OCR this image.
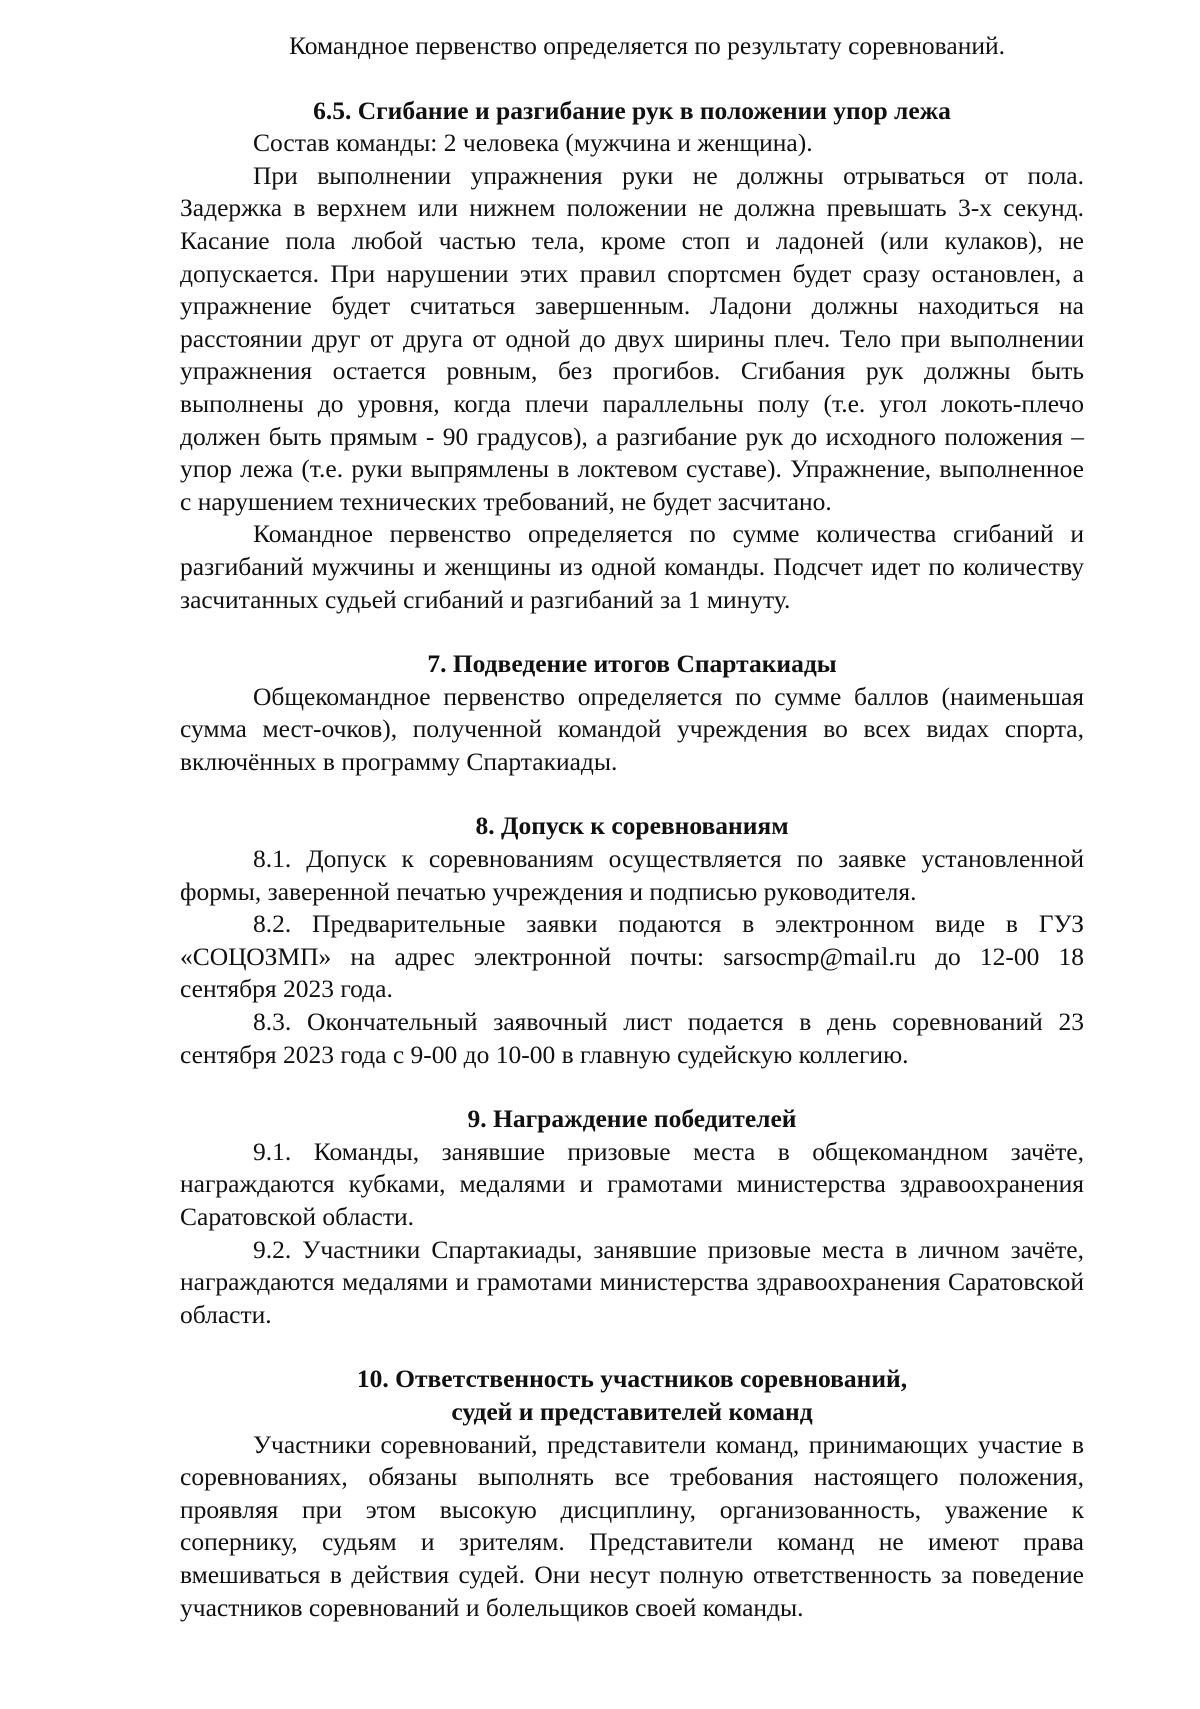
Командное первенство определяется по результату соревнований.

6.5. Сгибание и разгибание рук в положении упор лежа

Состав команды: 2 человека (мужчина и женщина).

При выполнении упражнения руки не должны отрываться от пола. Задержка в верхнем или нижнем положении не должна превышать 3-х секунд. Касание пола любой частью тела, кроме стоп и ладоней (или кулаков), не допускается. При нарушении этих правил спортсмен будет сразу остановлен, а упражнение будет считаться завершенным. Ладони должны находиться на расстоянии друг от друга от одной до двух ширины плеч. Тело при выполнении упражнения остается ровным, без прогибов. Сгибания рук должны быть выполнены до уровня, когда плечи параллельны полу (т.е. угол локоть-плечо должен быть прямым - 90 градусов), а разгибание рук до исходного положения – упор лежа (т.е. руки выпрямлены в локтевом суставе). Упражнение, выполненное с нарушением технических требований, не будет засчитано.

Командное первенство определяется по сумме количества сгибаний и разгибаний мужчины и женщины из одной команды. Подсчет идет по количеству засчитанных судьей сгибаний и разгибаний за 1 минуту.

7. Подведение итогов Спартакиады

Общекомандное первенство определяется по сумме баллов (наименьшая сумма мест-очков), полученной командой учреждения во всех видах спорта, включённых в программу Спартакиады.

8. Допуск к соревнованиям

8.1. Допуск к соревнованиям осуществляется по заявке установленной формы, заверенной печатью учреждения и подписью руководителя.

8.2. Предварительные заявки подаются в электронном виде в ГУЗ «СОЦОЗМП» на адрес электронной почты: sarsocmp@mail.ru до 12-00 18 сентября 2023 года.

8.3. Окончательный заявочный лист подается в день соревнований 23 сентября 2023 года с 9-00 до 10-00 в главную судейскую коллегию.

9. Награждение победителей

9.1. Команды, занявшие призовые места в общекомандном зачёте, награждаются кубками, медалями и грамотами министерства здравоохранения Саратовской области.

9.2. Участники Спартакиады, занявшие призовые места в личном зачёте, награждаются медалями и грамотами министерства здравоохранения Саратовской области.

10. Ответственность участников соревнований,

судей и представителей команд

Участники соревнований, представители команд, принимающих участие в соревнованиях, обязаны выполнять все требования настоящего положения, проявляя при этом высокую дисциплину, организованность, уважение к сопернику, судьям и зрителям. Представители команд не имеют права вмешиваться в действия судей. Они несут полную ответственность за поведение участников соревнований и болельщиков своей команды.
